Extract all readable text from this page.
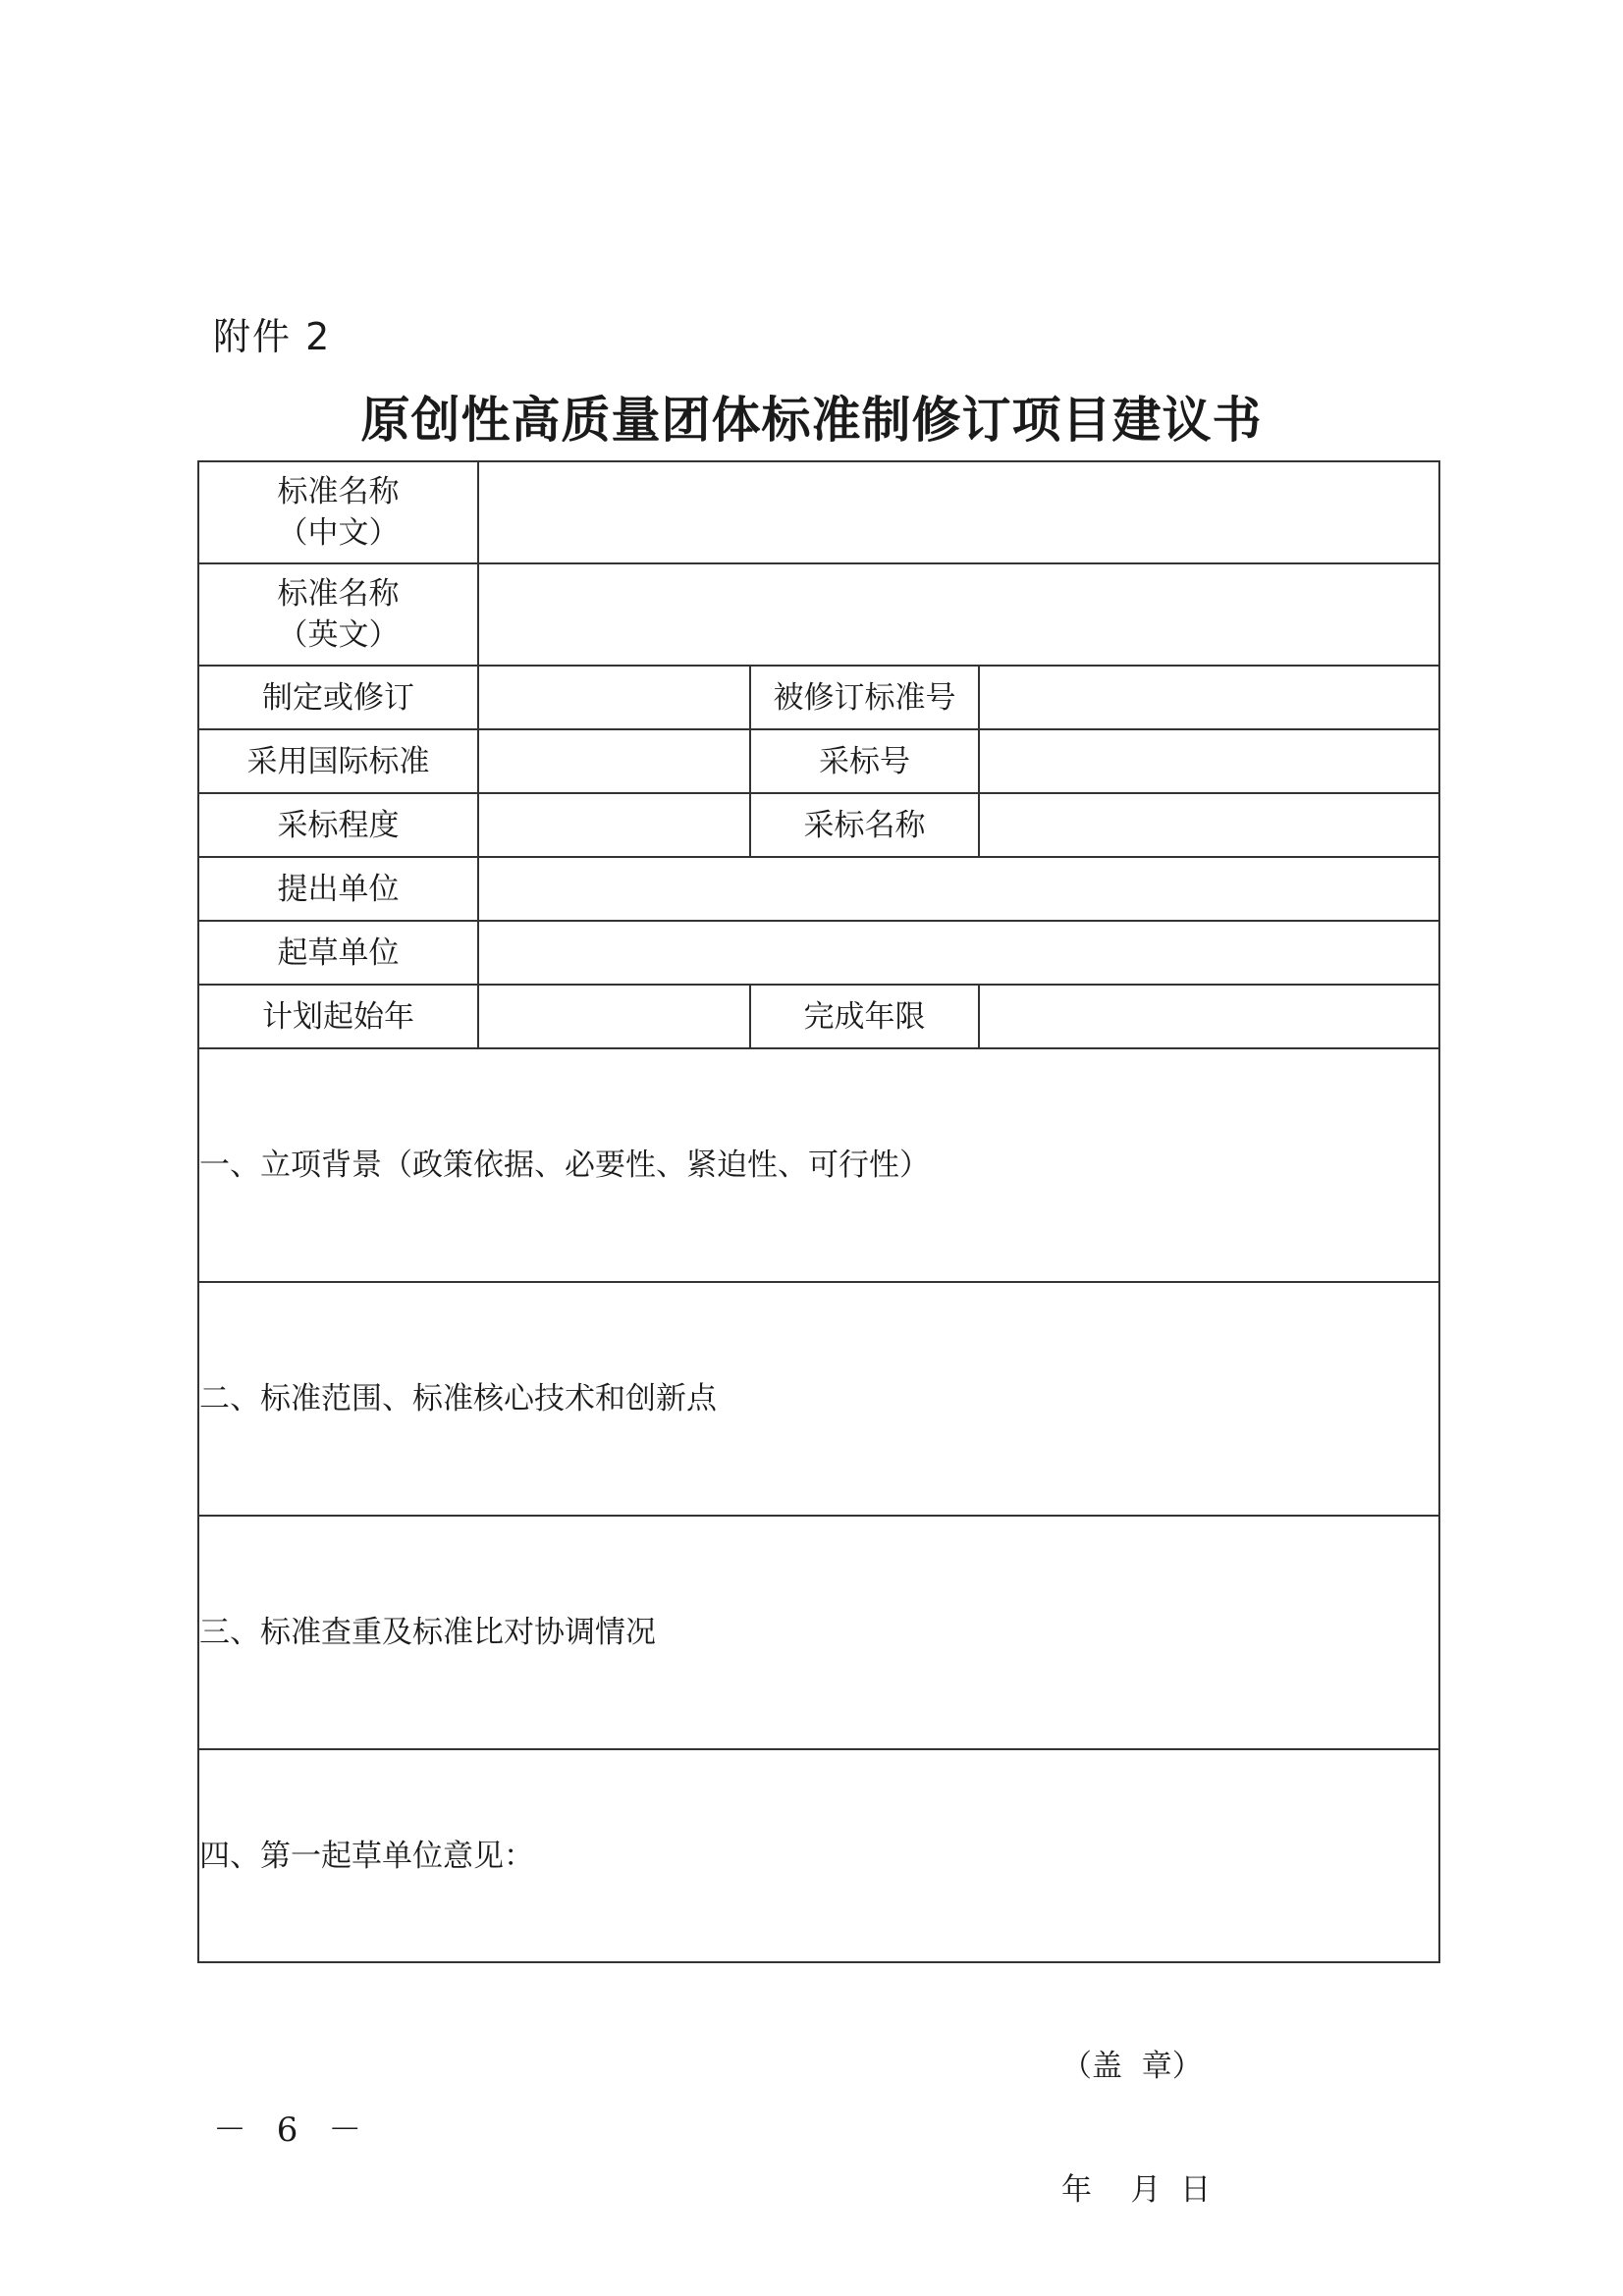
附件 2
原创性高质量团体标准制修订项目建议书
标准名称
（中文）			

标准名称
（英文）			

制定或修订		被修订标准号	
采用国际标准		采标号	
采标程度		采标名称	
提出单位			
起草单位			
计划起始年		完成年限	

一、立项背景（政策依据、必要性、紧迫性、可行性）			

二、标准范围、标准核心技术和创新点			

三、标准查重及标准比对协调情况			

四、第一起草单位意见：

（盖  章）

年    月  日			

－ 6 －
